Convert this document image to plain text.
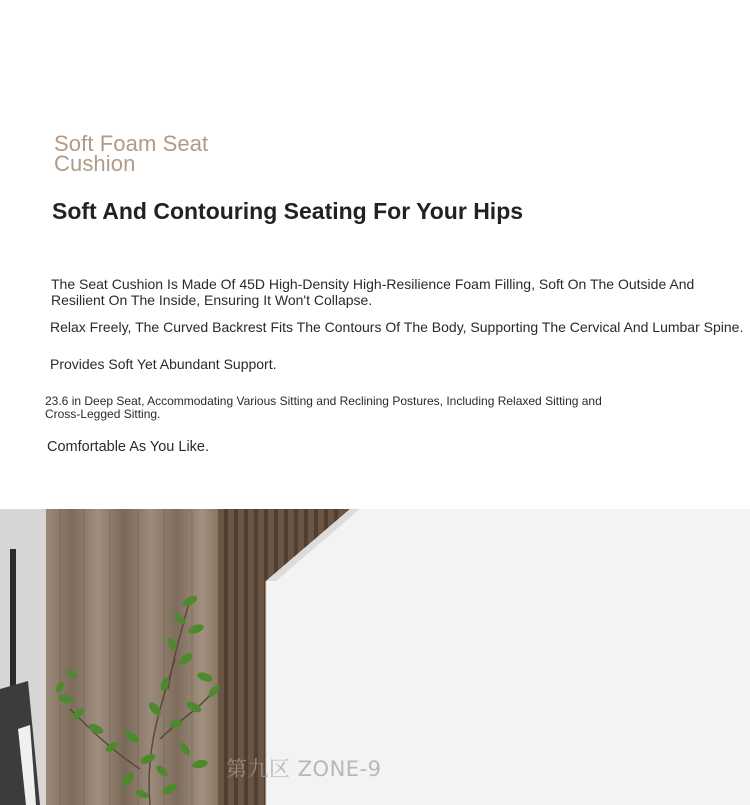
Soft Foam Seat Cushion
Soft And Contouring Seating For Your Hips

The Seat Cushion Is Made Of 45D High-Density High-Resilience Foam Filling, Soft On The Outside And Resilient On The Inside, Ensuring It Won't Collapse.

Relax Freely, The Curved Backrest Fits The Contours Of The Body, Supporting The Cervical And Lumbar Spine.

Provides Soft Yet Abundant Support.

23.6 in Deep Seat, Accommodating Various Sitting and Reclining Postures, Including Relaxed Sitting and Cross-Legged Sitting.

Comfortable As You Like.

第九区 ZONE-9
